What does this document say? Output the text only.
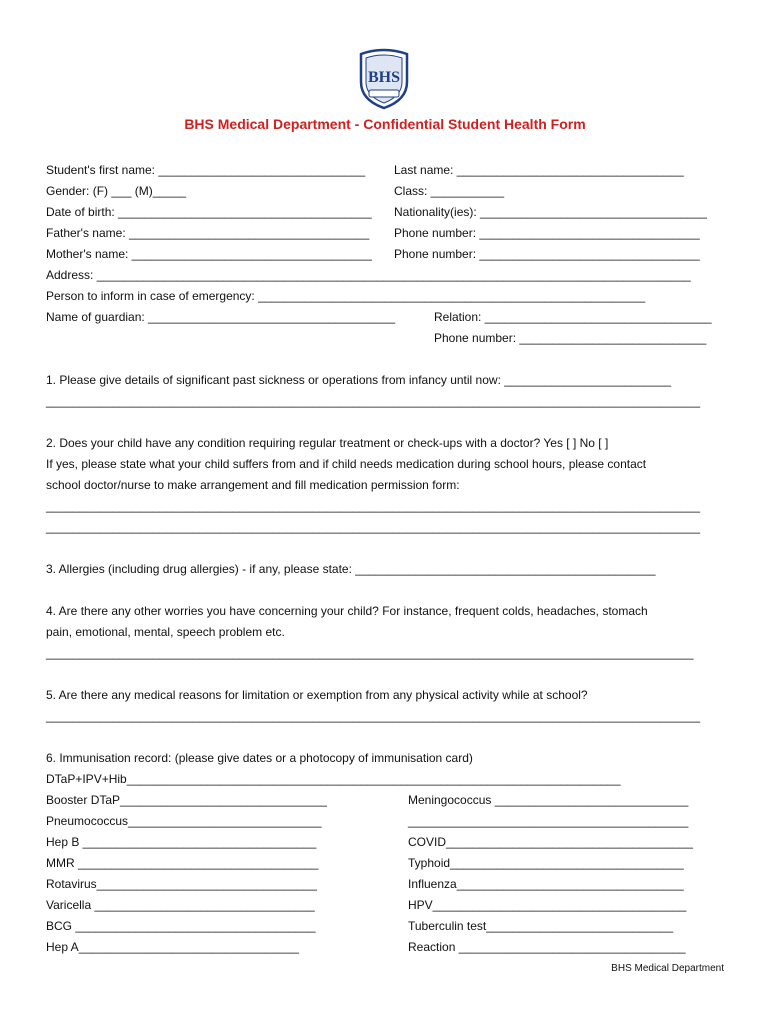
BHS
BHS Medical Department - Confidential Student Health Form
Student's first name: _______________________________ Last name: __________________________________
Gender: (F) ___ (M)_____	Class: ___________
Date of birth: ______________________________________ Nationality(ies): __________________________________
Father's name: ____________________________________ Phone number: _________________________________
Mother's name: ____________________________________ Phone number: _________________________________
Address: _________________________________________________________________________________________
Person to inform in case of emergency: __________________________________________________________
Name of guardian: _____________________________________	Relation: __________________________________
Phone number: ____________________________
1. Please give details of significant past sickness or operations from infancy until now: _________________________
__________________________________________________________________________________________________
2. Does your child have any condition requiring regular treatment or check-ups with a doctor? Yes [ ] No [ ]
If yes, please state what your child suffers from and if child needs medication during school hours, please contact
school doctor/nurse to make arrangement and fill medication permission form:
__________________________________________________________________________________________________
__________________________________________________________________________________________________
3. Allergies (including drug allergies) - if any, please state: _____________________________________________
4. Are there any other worries you have concerning your child? For instance, frequent colds, headaches, stomach
pain, emotional, mental, speech problem etc.
_________________________________________________________________________________________________
5. Are there any medical reasons for limitation or exemption from any physical activity while at school?
__________________________________________________________________________________________________
6. Immunisation record: (please give dates or a photocopy of immunisation card)
DTaP+IPV+Hib__________________________________________________________________________
Booster DTaP_______________________________	Meningococcus _____________________________
Pneumococcus_____________________________	__________________________________________
Hep B ___________________________________	COVID_____________________________________
MMR ____________________________________	Typhoid___________________________________
Rotavirus_________________________________	Influenza__________________________________
Varicella _________________________________	HPV______________________________________
BCG ____________________________________	Tuberculin test____________________________
Hep A_________________________________	Reaction __________________________________
BHS Medical Department
